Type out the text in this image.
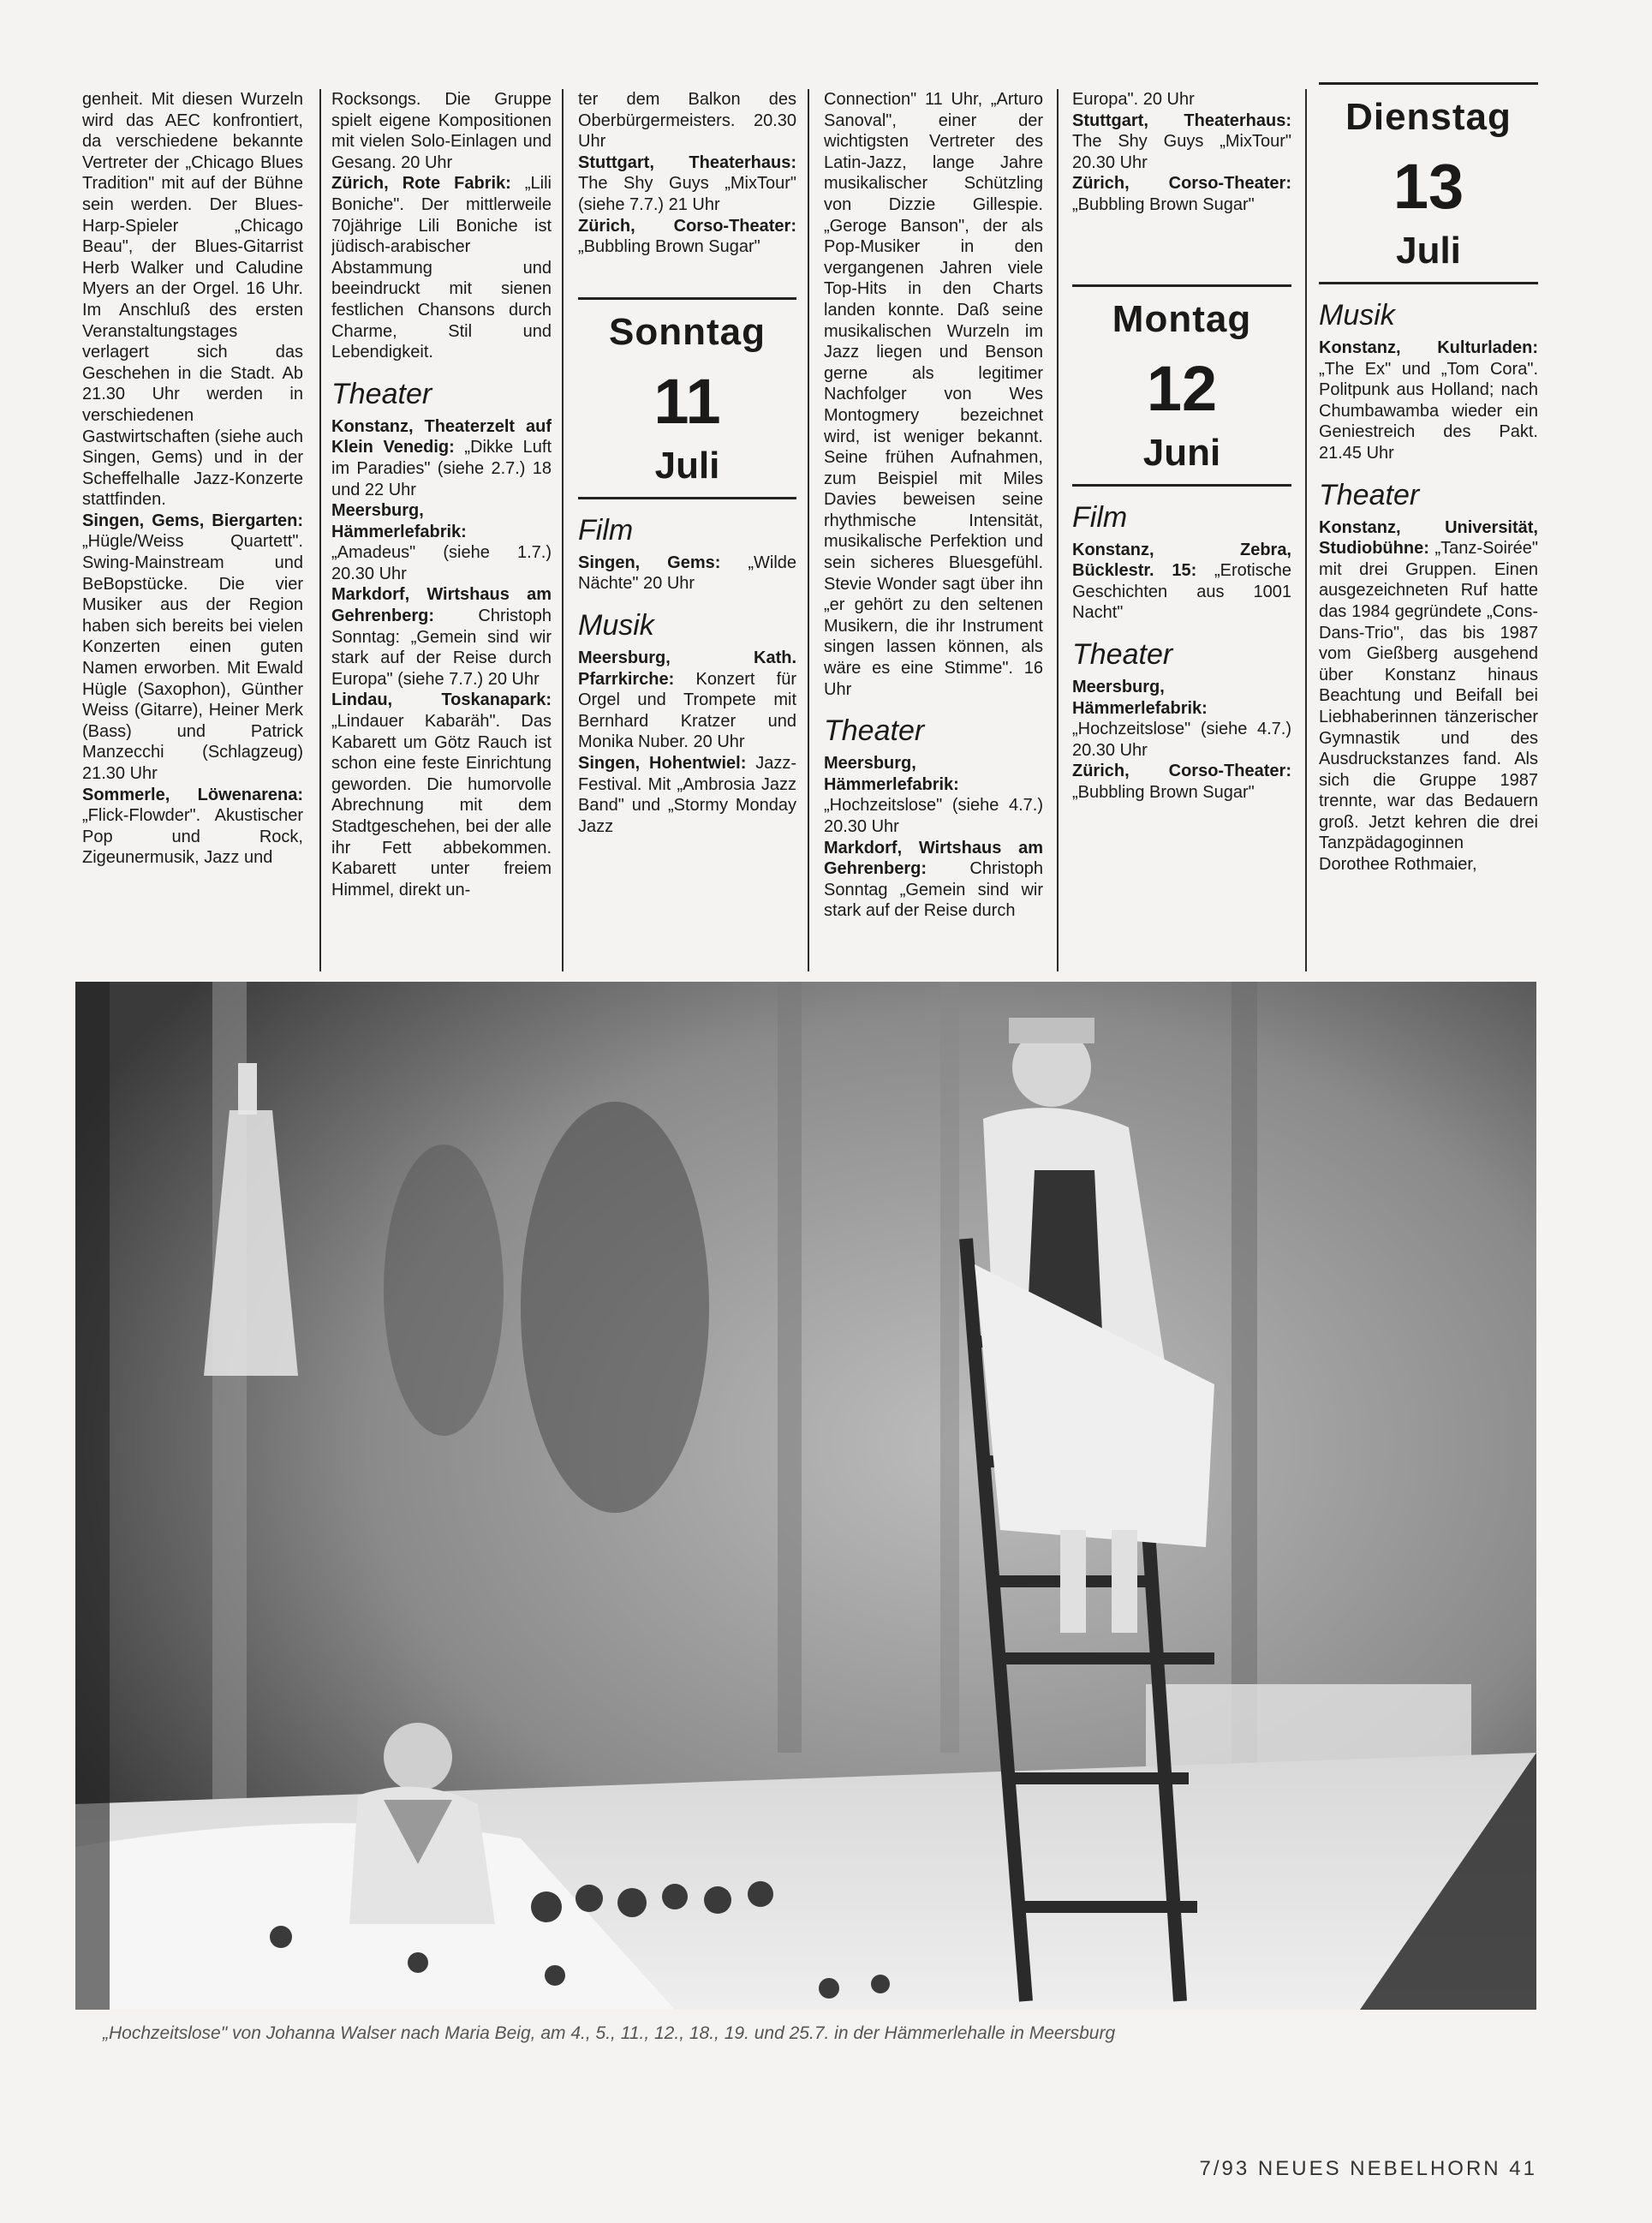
genheit. Mit diesen Wurzeln wird das AEC konfrontiert, da verschiedene bekannte Vertreter der „Chicago Blues Tradition" mit auf der Bühne sein werden. Der Blues-Harp-Spieler „Chicago Beau", der Blues-Gitarrist Herb Walker und Caludine Myers an der Orgel. 16 Uhr. Im Anschluß des ersten Veranstaltungstages verlagert sich das Geschehen in die Stadt. Ab 21.30 Uhr werden in verschiedenen Gastwirtschaften (siehe auch Singen, Gems) und in der Scheffelhalle Jazz-Konzerte stattfinden.

Singen, Gems, Biergarten: „Hügle/Weiss Quartett". Swing-Mainstream und BeBopstücke. Die vier Musiker aus der Region haben sich bereits bei vielen Konzerten einen guten Namen erworben. Mit Ewald Hügle (Saxophon), Günther Weiss (Gitarre), Heiner Merk (Bass) und Patrick Manzecchi (Schlagzeug) 21.30 Uhr

Sommerle, Löwenarena: „Flick-Flowder". Akustischer Pop und Rock, Zigeunermusik, Jazz und

Rocksongs. Die Gruppe spielt eigene Kompositionen mit vielen Solo-Einlagen und Gesang. 20 Uhr

Zürich, Rote Fabrik: „Lili Boniche". Der mittlerweile 70jährige Lili Boniche ist jüdisch-arabischer Abstammung und beeindruckt mit sienen festlichen Chansons durch Charme, Stil und Lebendigkeit.

Theater

Konstanz, Theaterzelt auf Klein Venedig: „Dikke Luft im Paradies" (siehe 2.7.) 18 und 22 Uhr

Meersburg, Hämmerlefabrik: „Amadeus" (siehe 1.7.) 20.30 Uhr

Markdorf, Wirtshaus am Gehrenberg:	Christoph Sonntag: „Gemein sind wir stark auf der Reise durch Europa" (siehe 7.7.) 20 Uhr

Lindau, Toskanapark: „Lindauer Kabaräh". Das Kabarett um Götz Rauch ist schon eine feste Einrichtung geworden. Die humorvolle Abrechnung mit dem Stadtgeschehen, bei der alle ihr Fett abbekommen. Kabarett unter freiem Himmel, direkt un-

ter dem Balkon des Oberbürgermeisters. 20.30 Uhr

Stuttgart, Theaterhaus: The Shy Guys „MixTour" (siehe 7.7.) 21 Uhr

Zürich, Corso-Theater: „Bubbling Brown Sugar"

Sonntag
11
Juli
Film

Singen, Gems: „Wilde Nächte" 20 Uhr

Musik

Meersburg, Kath. Pfarrkirche: Konzert für Orgel und Trompete mit Bernhard Kratzer und Monika Nuber. 20 Uhr

Singen, Hohentwiel: Jazz-Festival. Mit „Ambrosia Jazz Band" und „Stormy Monday Jazz

Connection" 11 Uhr, „Arturo Sanoval", einer der wichtigsten Vertreter des Latin-Jazz, lange Jahre musikalischer Schützling von Dizzie Gillespie. „Geroge Banson", der als Pop-Musiker in den vergangenen Jahren viele Top-Hits in den Charts landen konnte. Daß seine musikalischen Wurzeln im Jazz liegen und Benson gerne als legitimer Nachfolger von Wes Montogmery bezeichnet wird, ist weniger bekannt. Seine frühen Aufnahmen, zum Beispiel mit Miles Davies beweisen seine rhythmische Intensität, musikalische Perfektion und sein sicheres Bluesgefühl. Stevie Wonder sagt über ihn „er gehört zu den seltenen Musikern, die ihr Instrument singen lassen können, als wäre es eine Stimme". 16 Uhr

Theater

Meersburg, Hämmerlefabrik: „Hochzeitslose" (siehe 4.7.) 20.30 Uhr

Markdorf, Wirtshaus am Gehrenberg:	Christoph Sonntag „Gemein sind wir stark auf der Reise durch

Europa". 20 Uhr

Stuttgart, Theaterhaus: The Shy Guys „MixTour" 20.30 Uhr

Zürich, Corso-Theater: „Bubbling Brown Sugar"

Montag
12
Juni
Film

Konstanz, Zebra, Bücklestr. 15: „Erotische Geschichten aus 1001 Nacht"

Theater

Meersburg, Hämmerlefabrik: „Hochzeitslose" (siehe 4.7.) 20.30 Uhr

Zürich, Corso-Theater: „Bubbling Brown Sugar"

Dienstag
13
Juli
Musik

Konstanz, Kulturladen: „The Ex" und „Tom Cora". Politpunk aus Holland; nach Chumbawamba wieder ein Geniestreich des Pakt. 21.45 Uhr

Theater

Konstanz, Universität, Studiobühne: „Tanz-Soirée" mit drei Gruppen. Einen ausgezeichneten Ruf hatte das 1984 gegründete „Cons-Dans-Trio", das bis 1987 vom Gießberg ausgehend über Konstanz hinaus Beachtung und Beifall bei Liebhaberinnen tänzerischer Gymnastik und des Ausdruckstanzes fand. Als sich die Gruppe 1987 trennte, war das Bedauern groß. Jetzt kehren die drei Tanzpädagoginnen Dorothee Rothmaier,

„Hochzeitslose" von Johanna Walser nach Maria Beig, am 4., 5., 11., 12., 18., 19. und 25.7. in der Hämmerlehalle in Meersburg
7/93 NEUES NEBELHORN 41
